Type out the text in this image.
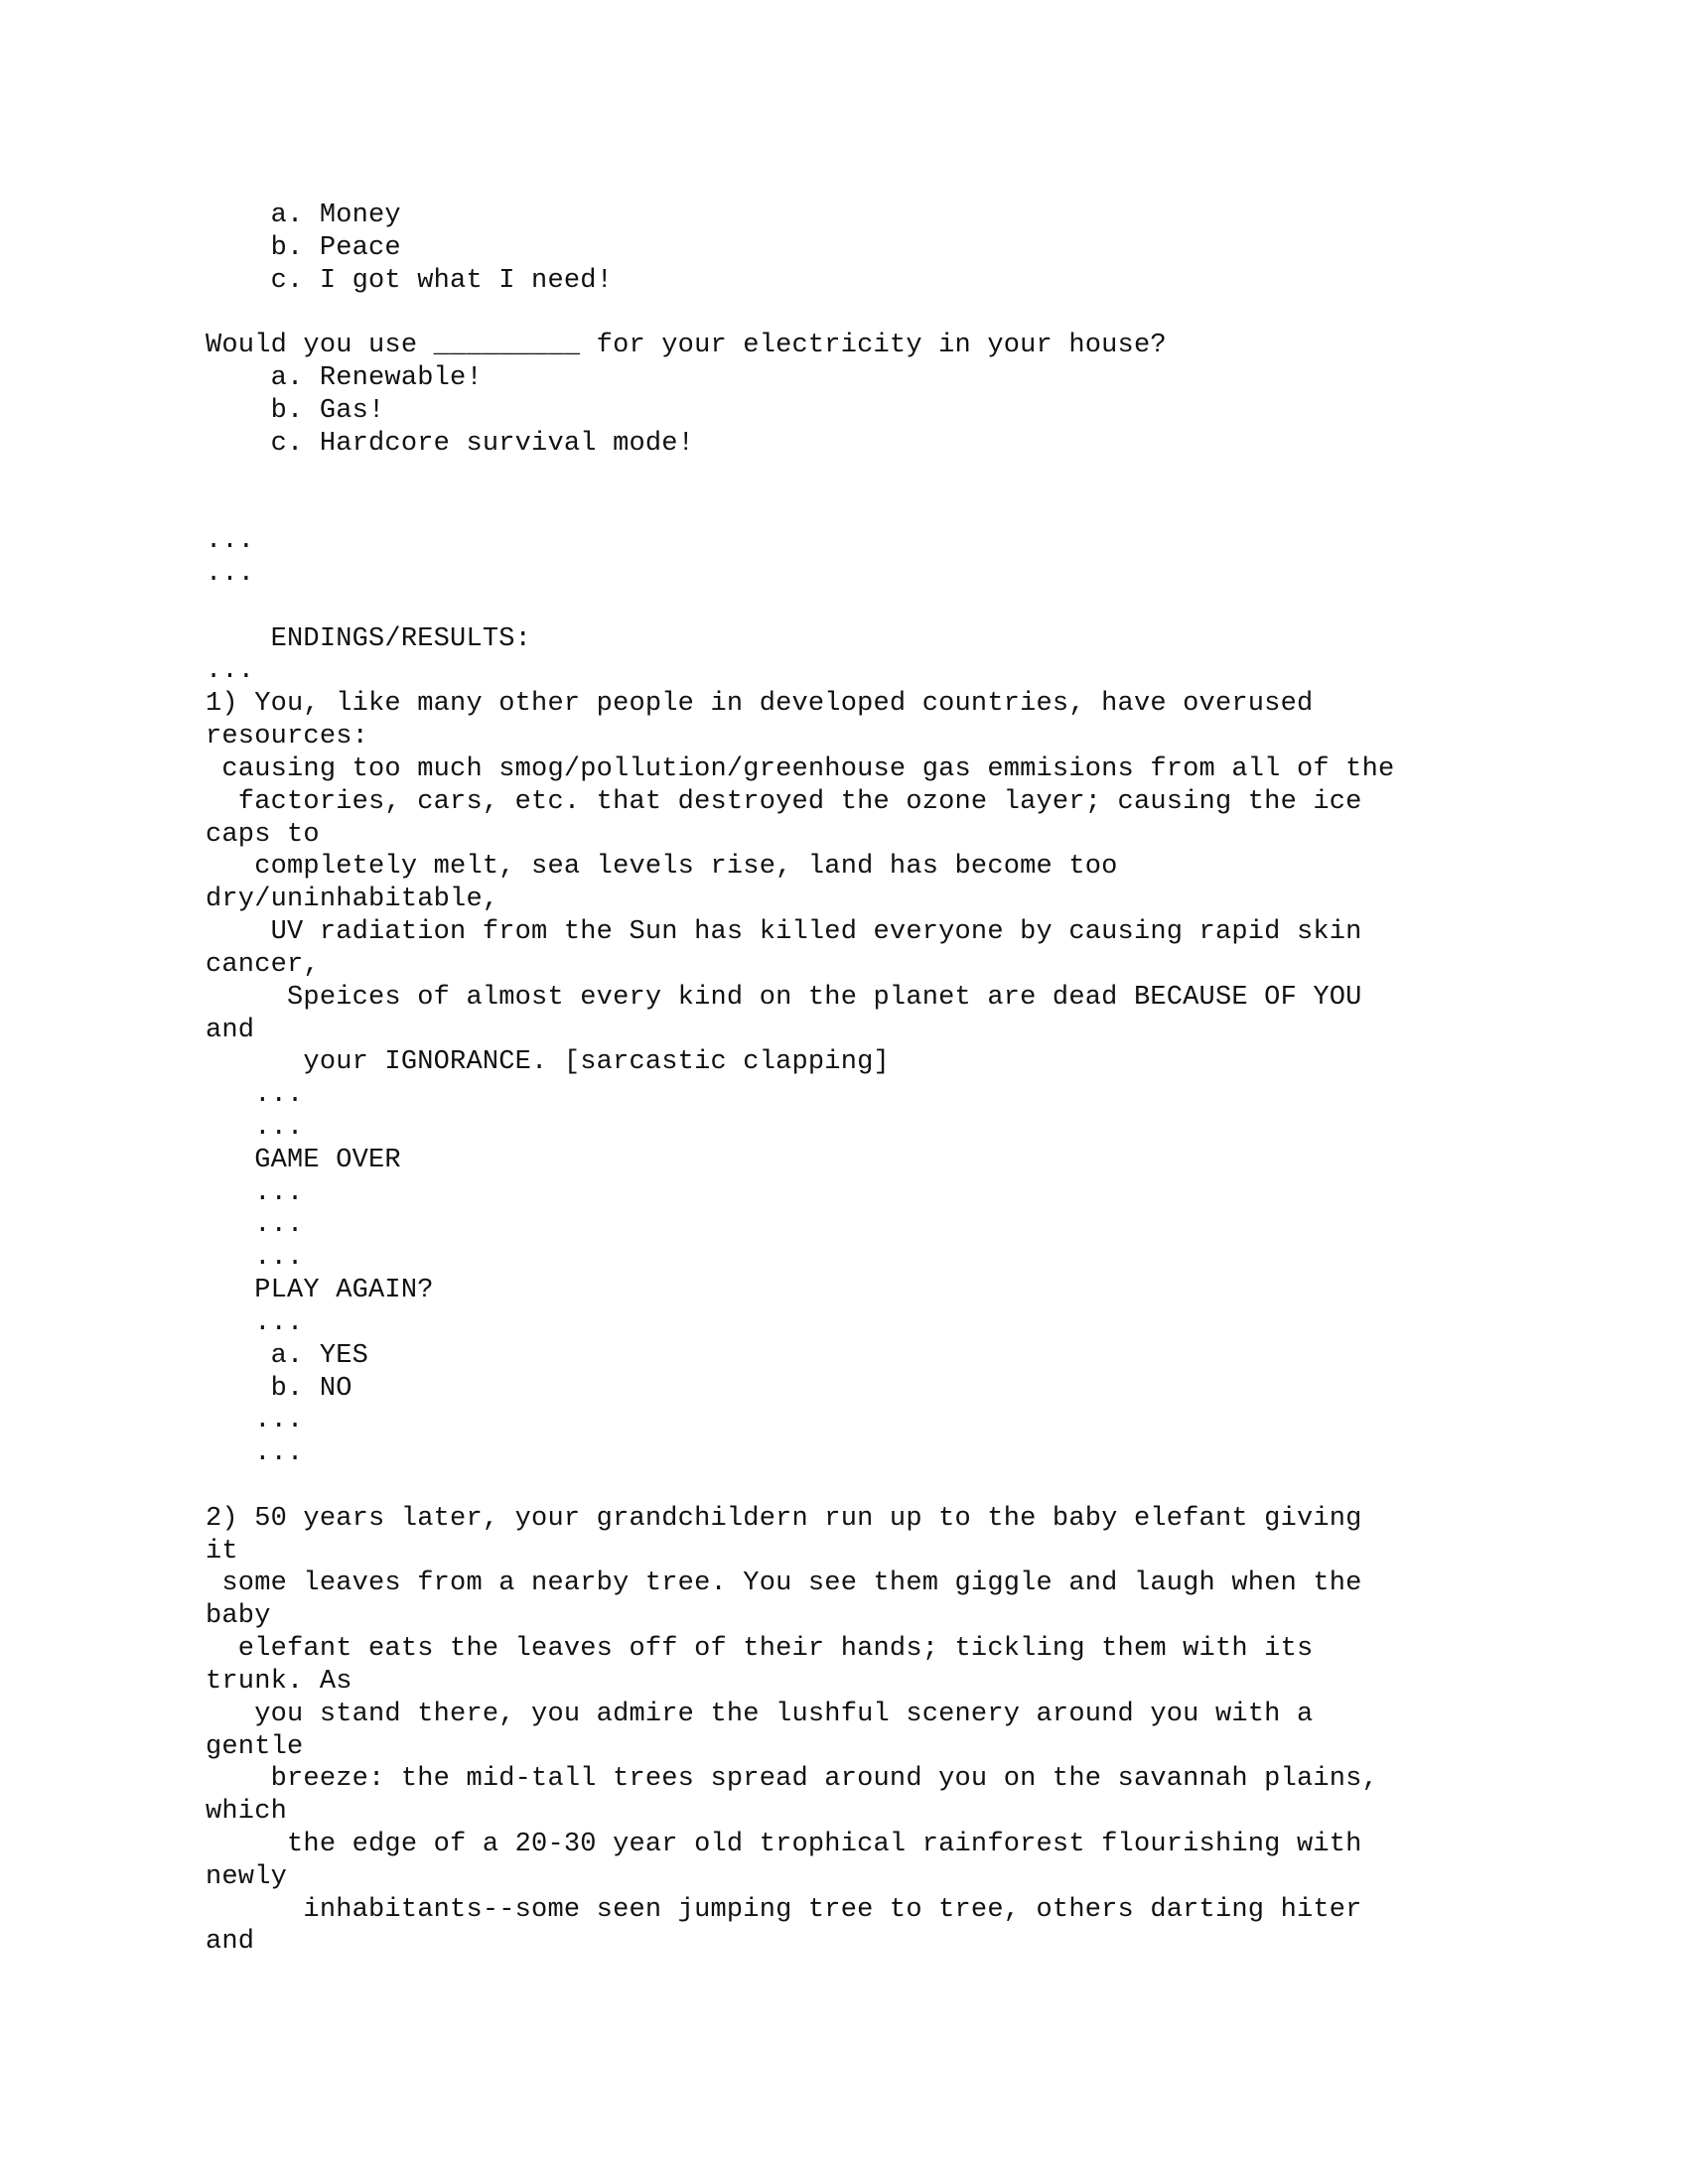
a. Money
b. Peace
c. I got what I need!
Would you use _________ for your electricity in your house?
a. Renewable!
b. Gas!
c. Hardcore survival mode!
...
...
ENDINGS/RESULTS:
...
1) You, like many other people in developed countries, have overused
resources:
causing too much smog/pollution/greenhouse gas emmisions from all of the
factories, cars, etc. that destroyed the ozone layer; causing the ice
caps to
completely melt, sea levels rise, land has become too
dry/uninhabitable,
UV radiation from the Sun has killed everyone by causing rapid skin
cancer,
Speices of almost every kind on the planet are dead BECAUSE OF YOU
and
your IGNORANCE. [sarcastic clapping]
...
...
GAME OVER
...
...
...
PLAY AGAIN?
...
a. YES
b. NO
...
...
2) 50 years later, your grandchildern run up to the baby elefant giving
it
some leaves from a nearby tree. You see them giggle and laugh when the
baby
elefant eats the leaves off of their hands; tickling them with its
trunk. As
you stand there, you admire the lushful scenery around you with a
gentle
breeze: the mid-tall trees spread around you on the savannah plains,
which
the edge of a 20-30 year old trophical rainforest flourishing with
newly
inhabitants--some seen jumping tree to tree, others darting hiter
and
